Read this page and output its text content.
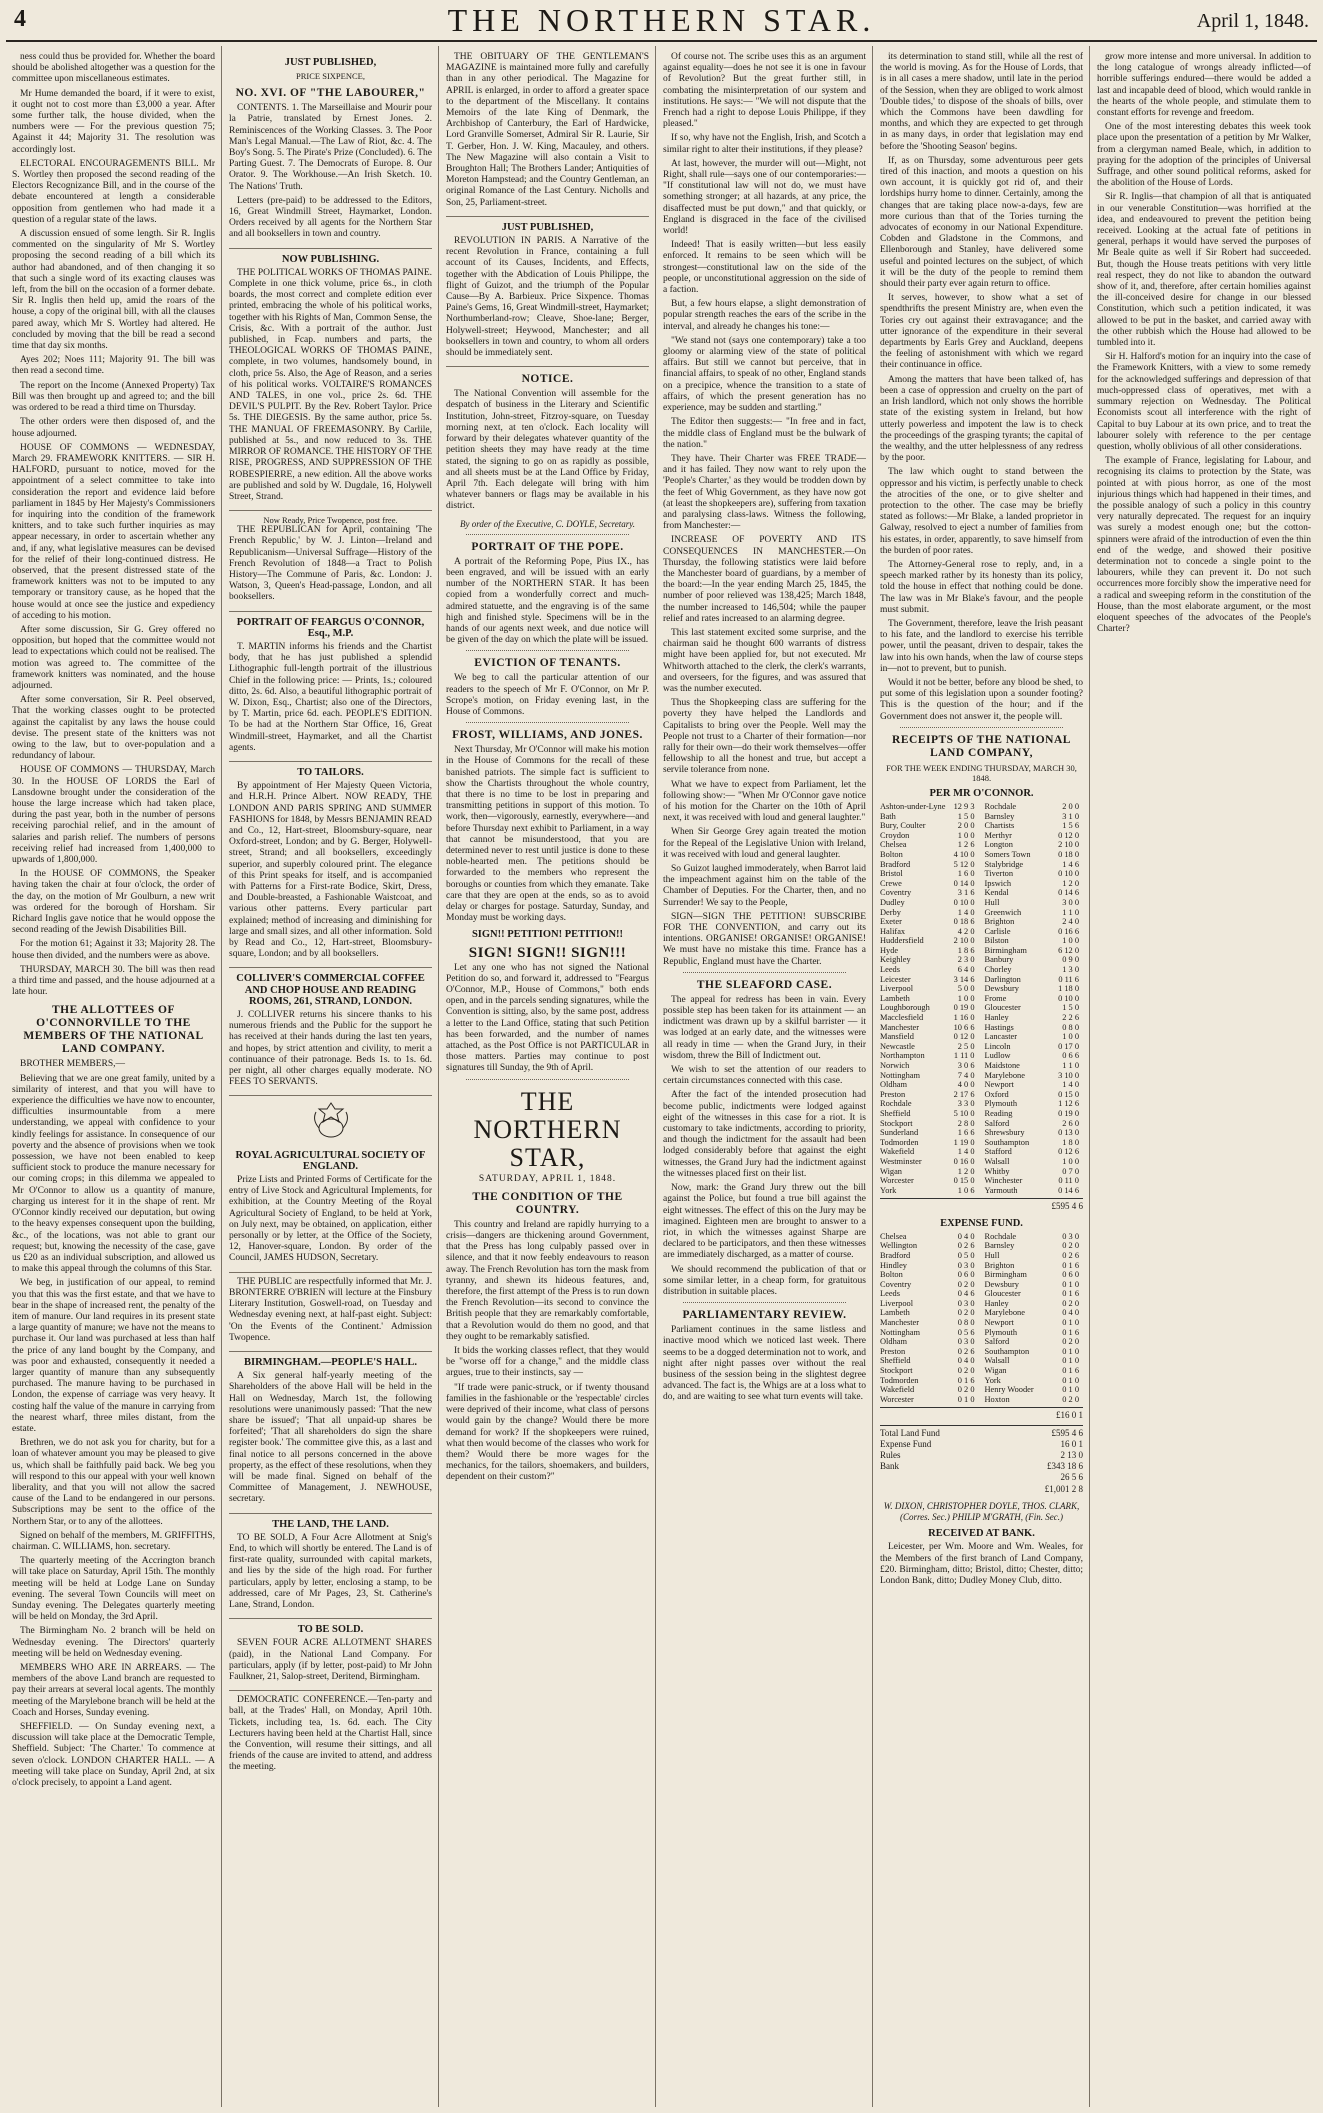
4	THE NORTHERN STAR.	April 1, 1848.

ness could thus be provided for. Whether the board should be abolished altogether was a question for the committee upon miscellaneous estimates.

Mr Hume demanded the board, if it were to exist, it ought not to cost more than £3,000 a year. After some further talk, the house divided, when the numbers were — For the previous question 75; Against it 44; Majority 31. The resolution was accordingly lost.

ELECTORAL ENCOURAGEMENTS BILL. Mr S. Wortley then proposed the second reading of the Electors Recognizance Bill, and in the course of the debate encountered at length a considerable opposition from gentlemen who had made it a question of a regular state of the laws.

A discussion ensued of some length. Sir R. Inglis commented on the singularity of Mr S. Wortley proposing the second reading of a bill which its author had abandoned, and of then changing it so that such a single word of its exacting clauses was left, from the bill on the occasion of a former debate. Sir R. Inglis then held up, amid the roars of the house, a copy of the original bill, with all the clauses pared away, which Mr S. Wortley had altered. He concluded by moving that the bill be read a second time that day six months.

Ayes 202; Noes 111; Majority 91. The bill was then read a second time.

The report on the Income (Annexed Property) Tax Bill was then brought up and agreed to; and the bill was ordered to be read a third time on Thursday.

The other orders were then disposed of, and the house adjourned.

HOUSE OF COMMONS — WEDNESDAY, March 29. FRAMEWORK KNITTERS. — SIR H. HALFORD, pursuant to notice, moved for the appointment of a select committee to take into consideration the report and evidence laid before parliament in 1845 by Her Majesty's Commissioners for inquiring into the condition of the framework knitters, and to take such further inquiries as may appear necessary, in order to ascertain whether any and, if any, what legislative measures can be devised for the relief of their long-continued distress. He observed, that the present distressed state of the framework knitters was not to be imputed to any temporary or transitory cause, as he hoped that the house would at once see the justice and expediency of acceding to his motion.

After some discussion, Sir G. Grey offered no opposition, but hoped that the committee would not lead to expectations which could not be realised. The motion was agreed to. The committee of the framework knitters was nominated, and the house adjourned.

After some conversation, Sir R. Peel observed, That the working classes ought to be protected against the capitalist by any laws the house could devise. The present state of the knitters was not owing to the law, but to over-population and a redundancy of labour.

HOUSE OF COMMONS — THURSDAY, March 30. In the HOUSE OF LORDS the Earl of Lansdowne brought under the consideration of the house the large increase which had taken place, during the past year, both in the number of persons receiving parochial relief, and in the amount of salaries and parish relief. The numbers of persons receiving relief had increased from 1,400,000 to upwards of 1,800,000.

In the HOUSE OF COMMONS, the Speaker having taken the chair at four o'clock, the order of the day, on the motion of Mr Goulburn, a new writ was ordered for the borough of Horsham. Sir Richard Inglis gave notice that he would oppose the second reading of the Jewish Disabilities Bill.

For the motion 61; Against it 33; Majority 28. The house then divided, and the numbers were as above.

THURSDAY, MARCH 30. The bill was then read a third time and passed, and the house adjourned at a late hour.

THE ALLOTTEES OF O'CONNORVILLE TO THE MEMBERS OF THE NATIONAL LAND COMPANY.

BROTHER MEMBERS,—

Believing that we are one great family, united by a similarity of interest, and that you will have to experience the difficulties we have now to encounter, difficulties insurmountable from a mere understanding, we appeal with confidence to your kindly feelings for assistance. In consequence of our poverty and the absence of provisions when we took possession, we have not been enabled to keep sufficient stock to produce the manure necessary for our coming crops; in this dilemma we appealed to Mr O'Connor to allow us a quantity of manure, charging us interest for it in the shape of rent. Mr O'Connor kindly received our deputation, but owing to the heavy expenses consequent upon the building, &c., of the locations, was not able to grant our request; but, knowing the necessity of the case, gave us £20 as an individual subscription, and allowed us to make this appeal through the columns of this Star.

We beg, in justification of our appeal, to remind you that this was the first estate, and that we have to bear in the shape of increased rent, the penalty of the item of manure. Our land requires in its present state a large quantity of manure; we have not the means to purchase it. Our land was purchased at less than half the price of any land bought by the Company, and was poor and exhausted, consequently it needed a larger quantity of manure than any subsequently purchased. The manure having to be purchased in London, the expense of carriage was very heavy. It costing half the value of the manure in carrying from the nearest wharf, three miles distant, from the estate.

Brethren, we do not ask you for charity, but for a loan of whatever amount you may be pleased to give us, which shall be faithfully paid back. We beg you will respond to this our appeal with your well known liberality, and that you will not allow the sacred cause of the Land to be endangered in our persons. Subscriptions may be sent to the office of the Northern Star, or to any of the allottees.

Signed on behalf of the members, M. GRIFFITHS, chairman. C. WILLIAMS, hon. secretary.

The quarterly meeting of the Accrington branch will take place on Saturday, April 15th. The monthly meeting will be held at Lodge Lane on Sunday evening. The several Town Councils will meet on Sunday evening. The Delegates quarterly meeting will be held on Monday, the 3rd April.

The Birmingham No. 2 branch will be held on Wednesday evening. The Directors' quarterly meeting will be held on Wednesday evening.

MEMBERS WHO ARE IN ARREARS. — The members of the above Land branch are requested to pay their arrears at several local agents. The monthly meeting of the Marylebone branch will be held at the Coach and Horses, Sunday evening.

SHEFFIELD. — On Sunday evening next, a discussion will take place at the Democratic Temple, Sheffield. Subject: 'The Charter.' To commence at seven o'clock. LONDON CHARTER HALL. — A meeting will take place on Sunday, April 2nd, at six o'clock precisely, to appoint a Land agent.

JUST PUBLISHED,
PRICE SIXPENCE,
NO. XVI. OF "THE LABOURER,"

CONTENTS. 1. The Marseillaise and Mourir pour la Patrie, translated by Ernest Jones. 2. Reminiscences of the Working Classes. 3. The Poor Man's Legal Manual.—The Law of Riot, &c. 4. The Boy's Song. 5. The Pirate's Prize (Concluded). 6. The Parting Guest. 7. The Democrats of Europe. 8. Our Orator. 9. The Workhouse.—An Irish Sketch. 10. The Nations' Truth.

Letters (pre-paid) to be addressed to the Editors, 16, Great Windmill Street, Haymarket, London. Orders received by all agents for the Northern Star and all booksellers in town and country.

NOW PUBLISHING.

THE POLITICAL WORKS OF THOMAS PAINE. Complete in one thick volume, price 6s., in cloth boards, the most correct and complete edition ever printed, embracing the whole of his political works, together with his Rights of Man, Common Sense, the Crisis, &c. With a portrait of the author. Just published, in Fcap. numbers and parts, the THEOLOGICAL WORKS OF THOMAS PAINE, complete, in two volumes, handsomely bound, in cloth, price 5s. Also, the Age of Reason, and a series of his political works. VOLTAIRE'S ROMANCES AND TALES, in one vol., price 2s. 6d. THE DEVIL'S PULPIT. By the Rev. Robert Taylor. Price 5s. THE DIEGESIS. By the same author, price 5s. THE MANUAL OF FREEMASONRY. By Carlile, published at 5s., and now reduced to 3s. THE MIRROR OF ROMANCE. THE HISTORY OF THE RISE, PROGRESS, AND SUPPRESSION OF THE ROBESPIERRE, a new edition. All the above works are published and sold by W. Dugdale, 16, Holywell Street, Strand.

Now Ready, Price Twopence, post free.

THE REPUBLICAN for April, containing 'The French Republic,' by W. J. Linton—Ireland and Republicanism—Universal Suffrage—History of the French Revolution of 1848—a Tract to Polish History—The Commune of Paris, &c. London: J. Watson, 3, Queen's Head-passage, London, and all booksellers.

PORTRAIT OF FEARGUS O'CONNOR, Esq., M.P.

T. MARTIN informs his friends and the Chartist body, that he has just published a splendid Lithographic full-length portrait of the illustrious Chief in the following price: — Prints, 1s.; coloured ditto, 2s. 6d. Also, a beautiful lithographic portrait of W. Dixon, Esq., Chartist; also one of the Directors, by T. Martin, price 6d. each. PEOPLE'S EDITION. To be had at the Northern Star Office, 16, Great Windmill-street, Haymarket, and all the Chartist agents.

TO TAILORS.

By appointment of Her Majesty Queen Victoria, and H.R.H. Prince Albert. NOW READY, THE LONDON AND PARIS SPRING AND SUMMER FASHIONS for 1848, by Messrs BENJAMIN READ and Co., 12, Hart-street, Bloomsbury-square, near Oxford-street, London; and by G. Berger, Holywell-street, Strand; and all booksellers, exceedingly superior, and superbly coloured print. The elegance of this Print speaks for itself, and is accompanied with Patterns for a First-rate Bodice, Skirt, Dress, and Double-breasted, a Fashionable Waistcoat, and various other patterns. Every particular part explained; method of increasing and diminishing for large and small sizes, and all other information. Sold by Read and Co., 12, Hart-street, Bloomsbury-square, London; and by all booksellers.

COLLIVER'S COMMERCIAL COFFEE AND CHOP HOUSE AND READING ROOMS, 261, STRAND, LONDON.

J. COLLIVER returns his sincere thanks to his numerous friends and the Public for the support he has received at their hands during the last ten years, and hopes, by strict attention and civility, to merit a continuance of their patronage. Beds 1s. to 1s. 6d. per night, all other charges equally moderate. NO FEES TO SERVANTS.

ROYAL AGRICULTURAL SOCIETY OF ENGLAND.

Prize Lists and Printed Forms of Certificate for the entry of Live Stock and Agricultural Implements, for exhibition, at the Country Meeting of the Royal Agricultural Society of England, to be held at York, on July next, may be obtained, on application, either personally or by letter, at the Office of the Society, 12, Hanover-square, London. By order of the Council, JAMES HUDSON, Secretary.

THE PUBLIC are respectfully informed that Mr. J. BRONTERRE O'BRIEN will lecture at the Finsbury Literary Institution, Goswell-road, on Tuesday and Wednesday evening next, at half-past eight. Subject: 'On the Events of the Continent.' Admission Twopence.

BIRMINGHAM.—PEOPLE'S HALL.

A Six general half-yearly meeting of the Shareholders of the above Hall will be held in the Hall on Wednesday, March 1st, the following resolutions were unanimously passed: 'That the new share be issued'; 'That all unpaid-up shares be forfeited'; 'That all shareholders do sign the share register book.' The committee give this, as a last and final notice to all persons concerned in the above property, as the effect of these resolutions, when they will be made final. Signed on behalf of the Committee of Management, J. NEWHOUSE, secretary.

THE LAND, THE LAND.

TO BE SOLD, A Four Acre Allotment at Snig's End, to which will shortly be entered. The Land is of first-rate quality, surrounded with capital markets, and lies by the side of the high road. For further particulars, apply by letter, enclosing a stamp, to be addressed, care of Mr Pages, 23, St. Catherine's Lane, Strand, London.

TO BE SOLD.

SEVEN FOUR ACRE ALLOTMENT SHARES (paid), in the National Land Company. For particulars, apply (if by letter, post-paid) to Mr John Faulkner, 21, Salop-street, Deritend, Birmingham.

DEMOCRATIC CONFERENCE.—Ten-party and ball, at the Trades' Hall, on Monday, April 10th. Tickets, including tea, 1s. 6d. each. The City Lecturers having been held at the Chartist Hall, since the Convention, will resume their sittings, and all friends of the cause are invited to attend, and address the meeting.

THE OBITUARY OF THE GENTLEMAN'S MAGAZINE is maintained more fully and carefully than in any other periodical. The Magazine for APRIL is enlarged, in order to afford a greater space to the department of the Miscellany. It contains Memoirs of the late King of Denmark, the Archbishop of Canterbury, the Earl of Hardwicke, Lord Granville Somerset, Admiral Sir R. Laurie, Sir T. Gerber, Hon. J. W. King, Macauley, and others. The New Magazine will also contain a Visit to Broughton Hall; The Brothers Lander; Antiquities of Moreton Hampstead; and the Country Gentleman, an original Romance of the Last Century. Nicholls and Son, 25, Parliament-street.

JUST PUBLISHED,

REVOLUTION IN PARIS. A Narrative of the recent Revolution in France, containing a full account of its Causes, Incidents, and Effects, together with the Abdication of Louis Philippe, the flight of Guizot, and the triumph of the Popular Cause—By A. Barbieux. Price Sixpence. Thomas Paine's Gems, 16, Great Windmill-street, Haymarket; Northumberland-row; Cleave, Shoe-lane; Berger, Holywell-street; Heywood, Manchester; and all booksellers in town and country, to whom all orders should be immediately sent.

NOTICE.

The National Convention will assemble for the despatch of business in the Literary and Scientific Institution, John-street, Fitzroy-square, on Tuesday morning next, at ten o'clock. Each locality will forward by their delegates whatever quantity of the petition sheets they may have ready at the time stated, the signing to go on as rapidly as possible, and all sheets must be at the Land Office by Friday, April 7th. Each delegate will bring with him whatever banners or flags may be available in his district.

By order of the Executive, C. DOYLE, Secretary.
PORTRAIT OF THE POPE.

A portrait of the Reforming Pope, Pius IX., has been engraved, and will be issued with an early number of the NORTHERN STAR. It has been copied from a wonderfully correct and much-admired statuette, and the engraving is of the same high and finished style. Specimens will be in the hands of our agents next week, and due notice will be given of the day on which the plate will be issued.

EVICTION OF TENANTS.

We beg to call the particular attention of our readers to the speech of Mr F. O'Connor, on Mr P. Scrope's motion, on Friday evening last, in the House of Commons.

FROST, WILLIAMS, AND JONES.

Next Thursday, Mr O'Connor will make his motion in the House of Commons for the recall of these banished patriots. The simple fact is sufficient to show the Chartists throughout the whole country, that there is no time to be lost in preparing and transmitting petitions in support of this motion. To work, then—vigorously, earnestly, everywhere—and before Thursday next exhibit to Parliament, in a way that cannot be misunderstood, that you are determined never to rest until justice is done to these noble-hearted men. The petitions should be forwarded to the members who represent the boroughs or counties from which they emanate. Take care that they are open at the ends, so as to avoid delay or charges for postage. Saturday, Sunday, and Monday must be working days.

SIGN!! PETITION! PETITION!!
SIGN! SIGN!! SIGN!!!

Let any one who has not signed the National Petition do so, and forward it, addressed to "Feargus O'Connor, M.P., House of Commons," both ends open, and in the parcels sending signatures, while the Convention is sitting, also, by the same post, address a letter to the Land Office, stating that such Petition has been forwarded, and the number of names attached, as the Post Office is not PARTICULAR in those matters. Parties may continue to post signatures till Sunday, the 9th of April.

THE NORTHERN STAR,
SATURDAY, APRIL 1, 1848.
THE CONDITION OF THE COUNTRY.

This country and Ireland are rapidly hurrying to a crisis—dangers are thickening around Government, that the Press has long culpably passed over in silence, and that it now feebly endeavours to reason away. The French Revolution has torn the mask from tyranny, and shewn its hideous features, and, therefore, the first attempt of the Press is to run down the French Revolution—its second to convince the British people that they are remarkably comfortable, that a Revolution would do them no good, and that they ought to be remarkably satisfied.

It bids the working classes reflect, that they would be "worse off for a change," and the middle class argues, true to their instincts, say —

"If trade were panic-struck, or if twenty thousand families in the fashionable or the 'respectable' circles were deprived of their income, what class of persons would gain by the change? Would there be more demand for work? If the shopkeepers were ruined, what then would become of the classes who work for them? Would there be more wages for the mechanics, for the tailors, shoemakers, and builders, dependent on their custom?"

Of course not. The scribe uses this as an argument against equality—does he not see it is one in favour of Revolution? But the great further still, in combating the misinterpretation of our system and institutions. He says:— "We will not dispute that the French had a right to depose Louis Philippe, if they pleased."

If so, why have not the English, Irish, and Scotch a similar right to alter their institutions, if they please?

At last, however, the murder will out—Might, not Right, shall rule—says one of our contemporaries:— "If constitutional law will not do, we must have something stronger; at all hazards, at any price, the disaffected must be put down," and that quickly, or England is disgraced in the face of the civilised world!

Indeed! That is easily written—but less easily enforced. It remains to be seen which will be strongest—constitutional law on the side of the people, or unconstitutional aggression on the side of a faction.

But, a few hours elapse, a slight demonstration of popular strength reaches the ears of the scribe in the interval, and already he changes his tone:—

"We stand not (says one contemporary) take a too gloomy or alarming view of the state of political affairs. But still we cannot but perceive, that in financial affairs, to speak of no other, England stands on a precipice, whence the transition to a state of affairs, of which the present generation has no experience, may be sudden and startling."

The Editor then suggests:— "In free and in fact, the middle class of England must be the bulwark of the nation."

They have. Their Charter was FREE TRADE—and it has failed. They now want to rely upon the 'People's Charter,' as they would be trodden down by the feet of Whig Government, as they have now got (at least the shopkeepers are), suffering from taxation and paralysing class-laws. Witness the following, from Manchester:—

INCREASE OF POVERTY AND ITS CONSEQUENCES IN MANCHESTER.—On Thursday, the following statistics were laid before the Manchester board of guardians, by a member of the board:—In the year ending March 25, 1845, the number of poor relieved was 138,425; March 1848, the number increased to 146,504; while the pauper relief and rates increased to an alarming degree.

This last statement excited some surprise, and the chairman said he thought 600 warrants of distress might have been applied for, but not executed. Mr Whitworth attached to the clerk, the clerk's warrants, and overseers, for the figures, and was assured that was the number executed.

Thus the Shopkeeping class are suffering for the poverty they have helped the Landlords and Capitalists to bring over the People. Well may the People not trust to a Charter of their formation—nor rally for their own—do their work themselves—offer fellowship to all the honest and true, but accept a servile tolerance from none.

What we have to expect from Parliament, let the following show:— "When Mr O'Connor gave notice of his motion for the Charter on the 10th of April next, it was received with loud and general laughter."

When Sir George Grey again treated the motion for the Repeal of the Legislative Union with Ireland, it was received with loud and general laughter.

So Guizot laughed immoderately, when Barrot laid the impeachment against him on the table of the Chamber of Deputies. For the Charter, then, and no Surrender! We say to the People,

SIGN—SIGN THE PETITION! SUBSCRIBE FOR THE CONVENTION, and carry out its intentions. ORGANISE! ORGANISE! ORGANISE! We must have no mistake this time. France has a Republic, England must have the Charter.

THE SLEAFORD CASE.

The appeal for redress has been in vain. Every possible step has been taken for its attainment — an indictment was drawn up by a skilful barrister — it was lodged at an early date, and the witnesses were all ready in time — when the Grand Jury, in their wisdom, threw the Bill of Indictment out.

We wish to set the attention of our readers to certain circumstances connected with this case.

After the fact of the intended prosecution had become public, indictments were lodged against eight of the witnesses in this case for a riot. It is customary to take indictments, according to priority, and though the indictment for the assault had been lodged considerably before that against the eight witnesses, the Grand Jury had the indictment against the witnesses placed first on their list.

Now, mark: the Grand Jury threw out the bill against the Police, but found a true bill against the eight witnesses. The effect of this on the Jury may be imagined. Eighteen men are brought to answer to a riot, in which the witnesses against Sharpe are declared to be participators, and then these witnesses are immediately discharged, as a matter of course.

We should recommend the publication of that or some similar letter, in a cheap form, for gratuitous distribution in suitable places.

PARLIAMENTARY REVIEW.

Parliament continues in the same listless and inactive mood which we noticed last week. There seems to be a dogged determination not to work, and night after night passes over without the real business of the session being in the slightest degree advanced. The fact is, the Whigs are at a loss what to do, and are waiting to see what turn events will take.

its determination to stand still, while all the rest of the world is moving. As for the House of Lords, that is in all cases a mere shadow, until late in the period of the Session, when they are obliged to work almost 'Double tides,' to dispose of the shoals of bills, over which the Commons have been dawdling for months, and which they are expected to get through in as many days, in order that legislation may end before the 'Shooting Season' begins.

If, as on Thursday, some adventurous peer gets tired of this inaction, and moots a question on his own account, it is quickly got rid of, and their lordships hurry home to dinner. Certainly, among the changes that are taking place now-a-days, few are more curious than that of the Tories turning the advocates of economy in our National Expenditure. Cobden and Gladstone in the Commons, and Ellenborough and Stanley, have delivered some useful and pointed lectures on the subject, of which it will be the duty of the people to remind them should their party ever again return to office.

It serves, however, to show what a set of spendthrifts the present Ministry are, when even the Tories cry out against their extravagance; and the utter ignorance of the expenditure in their several departments by Earls Grey and Auckland, deepens the feeling of astonishment with which we regard their continuance in office.

Among the matters that have been talked of, has been a case of oppression and cruelty on the part of an Irish landlord, which not only shows the horrible state of the existing system in Ireland, but how utterly powerless and impotent the law is to check the proceedings of the grasping tyrants; the capital of the wealthy, and the utter helplessness of any redress by the poor.

The law which ought to stand between the oppressor and his victim, is perfectly unable to check the atrocities of the one, or to give shelter and protection to the other. The case may be briefly stated as follows:—Mr Blake, a landed proprietor in Galway, resolved to eject a number of families from his estates, in order, apparently, to save himself from the burden of poor rates.

The Attorney-General rose to reply, and, in a speech marked rather by its honesty than its policy, told the house in effect that nothing could be done. The law was in Mr Blake's favour, and the people must submit.

The Government, therefore, leave the Irish peasant to his fate, and the landlord to exercise his terrible power, until the peasant, driven to despair, takes the law into his own hands, when the law of course steps in—not to prevent, but to punish.

Would it not be better, before any blood be shed, to put some of this legislation upon a sounder footing? This is the question of the hour; and if the Government does not answer it, the people will.

RECEIPTS OF THE NATIONAL LAND COMPANY,
FOR THE WEEK ENDING THURSDAY, MARCH 30, 1848.
PER MR O'CONNOR.
Ashton-under-Lyne	12 9 3
Bath	1 5 0
Bury, Coulter	2 0 0
Croydon	1 0 0
Chelsea	1 2 6
Bolton	4 10 0
Bradford	5 12 0
Bristol	1 6 0
Crewe	0 14 0
Coventry	3 1 6
Dudley	0 10 0
Derby	1 4 0
Exeter	0 18 6
Halifax	4 2 0
Huddersfield	2 10 0
Hyde	1 8 6
Keighley	2 3 0
Leeds	6 4 0
Leicester	3 14 6
Liverpool	5 0 0
Lambeth	1 0 0
Loughborough	0 19 0
Macclesfield	1 16 0
Manchester	10 6 6
Mansfield	0 12 0
Newcastle	2 5 0
Northampton	1 11 0
Norwich	3 0 6
Nottingham	7 4 0
Oldham	4 0 0
Preston	2 17 6
Rochdale	3 3 0
Sheffield	5 10 0
Stockport	2 8 0
Sunderland	1 6 6
Todmorden	1 19 0
Wakefield	1 4 0
Westminster	0 16 0
Wigan	1 2 0
Worcester	0 15 0
York	1 0 6
Rochdale	2 0 0
Barnsley	3 1 0
Chartists	1 5 6
Merthyr	0 12 0
Longton	2 10 0
Somers Town	0 18 0
Stalybridge	1 4 6
Tiverton	0 10 0
Ipswich	1 2 0
Kendal	0 14 6
Hull	3 0 0
Greenwich	1 1 0
Brighton	2 4 0
Carlisle	0 16 6
Bilston	1 0 0
Birmingham	6 12 0
Banbury	0 9 0
Chorley	1 3 0
Darlington	0 11 6
Dewsbury	1 18 0
Frome	0 10 0
Gloucester	1 5 0
Hanley	2 2 6
Hastings	0 8 0
Lancaster	1 0 0
Lincoln	0 17 0
Ludlow	0 6 6
Maidstone	1 1 0
Marylebone	3 10 0
Newport	1 4 0
Oxford	0 15 0
Plymouth	1 12 6
Reading	0 19 0
Salford	2 6 0
Shrewsbury	0 13 0
Southampton	1 8 0
Stafford	0 12 6
Walsall	1 0 0
Whitby	0 7 0
Winchester	0 11 0
Yarmouth	0 14 6
£595 4 6
EXPENSE FUND.
Chelsea	0 4 0
Wellington	0 2 6
Bradford	0 5 0
Hindley	0 3 0
Bolton	0 6 0
Coventry	0 2 0
Leeds	0 4 6
Liverpool	0 3 0
Lambeth	0 2 0
Manchester	0 8 0
Nottingham	0 5 6
Oldham	0 3 0
Preston	0 2 6
Sheffield	0 4 0
Stockport	0 2 0
Todmorden	0 1 6
Wakefield	0 2 0
Worcester	0 1 0
Rochdale	0 3 0
Barnsley	0 2 0
Hull	0 2 6
Brighton	0 1 6
Birmingham	0 6 0
Dewsbury	0 1 0
Gloucester	0 1 6
Hanley	0 2 0
Marylebone	0 4 0
Newport	0 1 0
Plymouth	0 1 6
Salford	0 2 0
Southampton	0 1 0
Walsall	0 1 0
Wigan	0 1 6
York	0 1 0
Henry Wooder	0 1 0
Hoxton	0 2 0
£16 0 1
Total Land Fund	£595 4 6
Expense Fund	16 0 1
Rules	2 13 0
Bank	£343 18 6
26 5 6
£1,001 2 8
W. DIXON, CHRISTOPHER DOYLE, THOS. CLARK, (Corres. Sec.) PHILIP M'GRATH, (Fin. Sec.)
RECEIVED AT BANK.

Leicester, per Wm. Moore and Wm. Weales, for the Members of the first branch of Land Company, £20. Birmingham, ditto; Bristol, ditto; Chester, ditto; London Bank, ditto; Dudley Money Club, ditto.

grow more intense and more universal. In addition to the long catalogue of wrongs already inflicted—of horrible sufferings endured—there would be added a last and incapable deed of blood, which would rankle in the hearts of the whole people, and stimulate them to constant efforts for revenge and freedom.

One of the most interesting debates this week took place upon the presentation of a petition by Mr Walker, from a clergyman named Beale, which, in addition to praying for the adoption of the principles of Universal Suffrage, and other sound political reforms, asked for the abolition of the House of Lords.

Sir R. Inglis—that champion of all that is antiquated in our venerable Constitution—was horrified at the idea, and endeavoured to prevent the petition being received. Looking at the actual fate of petitions in general, perhaps it would have served the purposes of Mr Beale quite as well if Sir Robert had succeeded. But, though the House treats petitions with very little real respect, they do not like to abandon the outward show of it, and, therefore, after certain homilies against the ill-conceived desire for change in our blessed Constitution, which such a petition indicated, it was allowed to be put in the basket, and carried away with the other rubbish which the House had allowed to be tumbled into it.

Sir H. Halford's motion for an inquiry into the case of the Framework Knitters, with a view to some remedy for the acknowledged sufferings and depression of that much-oppressed class of operatives, met with a summary rejection on Wednesday. The Political Economists scout all interference with the right of Capital to buy Labour at its own price, and to treat the labourer solely with reference to the per centage question, wholly oblivious of all other considerations.

The example of France, legislating for Labour, and recognising its claims to protection by the State, was pointed at with pious horror, as one of the most injurious things which had happened in their times, and the possible analogy of such a policy in this country very naturally deprecated. The request for an inquiry was surely a modest enough one; but the cotton-spinners were afraid of the introduction of even the thin end of the wedge, and showed their positive determination not to concede a single point to the labourers, while they can prevent it. Do not such occurrences more forcibly show the imperative need for a radical and sweeping reform in the constitution of the House, than the most elaborate argument, or the most eloquent speeches of the advocates of the People's Charter?
